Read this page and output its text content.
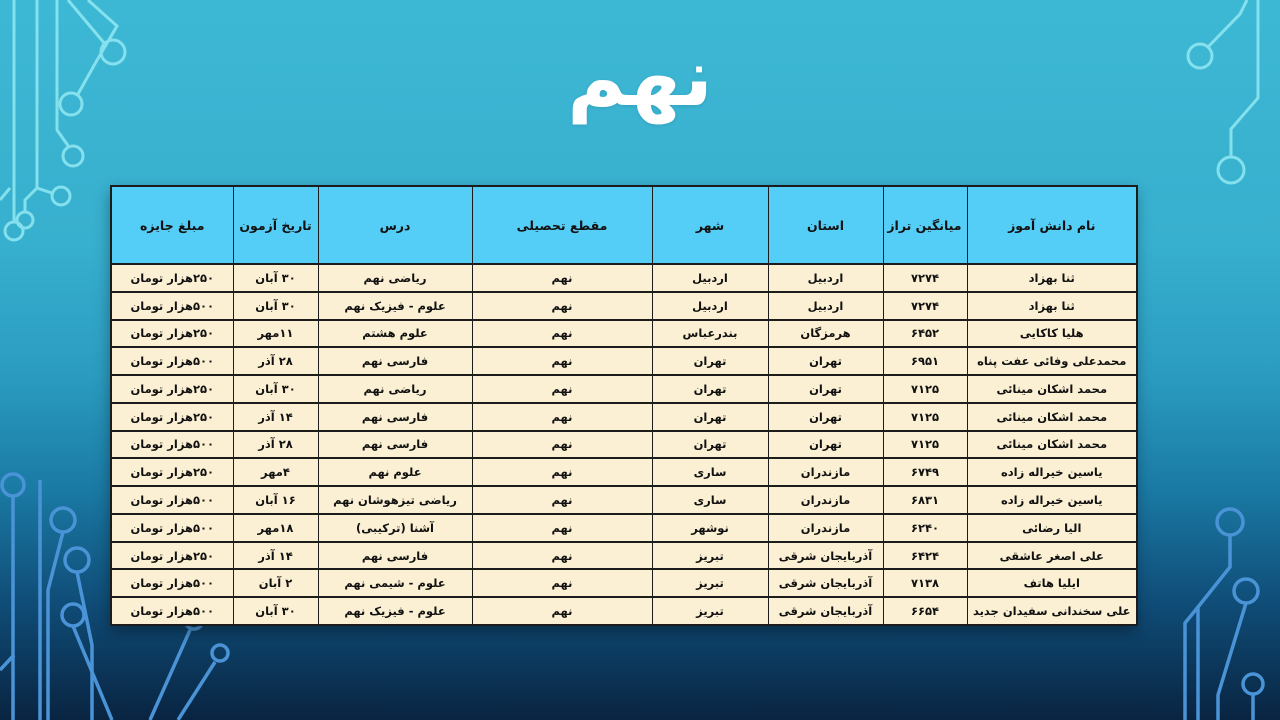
نهم
نام دانش آموز	میانگین تراز	استان	شهر	مقطع تحصیلی	درس	تاریخ آزمون	مبلغ جایزه
ثنا بهزاد	۷۲۷۴	اردبیل	اردبیل	نهم	ریاضی نهم	۳۰ آبان	۲۵۰هزار تومان
ثنا بهزاد	۷۲۷۴	اردبیل	اردبیل	نهم	علوم - فیزیک نهم	۳۰ آبان	۵۰۰هزار تومان
هلیا کاکایی	۶۴۵۲	هرمزگان	بندرعباس	نهم	علوم هشتم	۱۱مهر	۲۵۰هزار تومان
محمدعلی وفائی عفت پناه	۶۹۵۱	تهران	تهران	نهم	فارسی نهم	۲۸ آذر	۵۰۰هزار تومان
محمد اشکان مینائی	۷۱۲۵	تهران	تهران	نهم	ریاضی نهم	۳۰ آبان	۲۵۰هزار تومان
محمد اشکان مینائی	۷۱۲۵	تهران	تهران	نهم	فارسی نهم	۱۴ آذر	۲۵۰هزار تومان
محمد اشکان مینائی	۷۱۲۵	تهران	تهران	نهم	فارسی نهم	۲۸ آذر	۵۰۰هزار تومان
یاسین خیراله زاده	۶۷۴۹	مازندران	ساری	نهم	علوم نهم	۴مهر	۲۵۰هزار تومان
یاسین خیراله زاده	۶۸۳۱	مازندران	ساری	نهم	ریاضی تیزهوشان نهم	۱۶ آبان	۵۰۰هزار تومان
الیا رضائی	۶۲۴۰	مازندران	نوشهر	نهم	آشنا (ترکیبی)	۱۸مهر	۵۰۰هزار تومان
علی اصغر عاشقی	۶۴۲۴	آذربایجان شرقی	تبریز	نهم	فارسی نهم	۱۴ آذر	۲۵۰هزار تومان
ایلیا هاتف	۷۱۳۸	آذربایجان شرقی	تبریز	نهم	علوم - شیمی نهم	۲ آبان	۵۰۰هزار تومان
علی سخندانی سفیدان جدید	۶۶۵۴	آذربایجان شرقی	تبریز	نهم	علوم - فیزیک نهم	۳۰ آبان	۵۰۰هزار تومان
